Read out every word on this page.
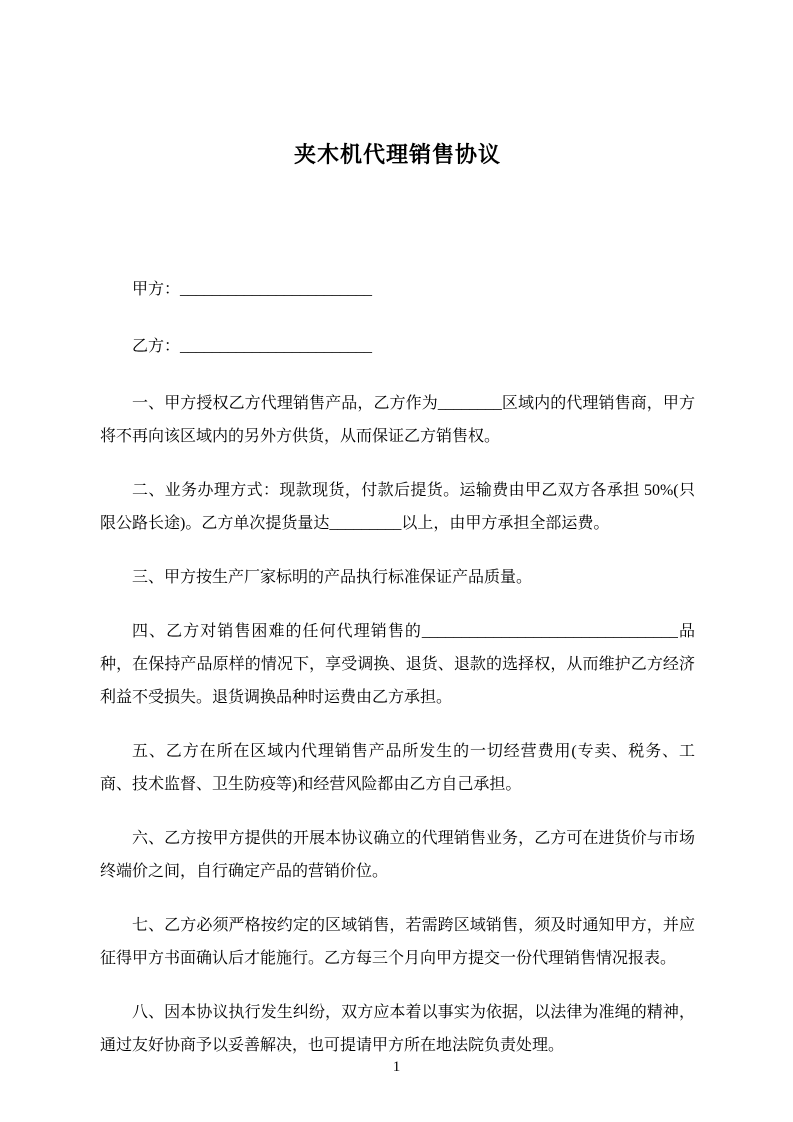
夹木机代理销售协议

甲方：________________________

乙方：________________________

一、甲方授权乙方代理销售产品，乙方作为________区域内的代理销售商，甲方将不再向该区域内的另外方供货，从而保证乙方销售权。

二、业务办理方式：现款现货，付款后提货。运输费由甲乙双方各承担 50%(只限公路长途)。乙方单次提货量达_________以上，由甲方承担全部运费。

三、甲方按生产厂家标明的产品执行标准保证产品质量。

四、乙方对销售困难的任何代理销售的________________________________品种，在保持产品原样的情况下，享受调换、退货、退款的选择权，从而维护乙方经济利益不受损失。退货调换品种时运费由乙方承担。

五、乙方在所在区域内代理销售产品所发生的一切经营费用(专卖、税务、工商、技术监督、卫生防疫等)和经营风险都由乙方自己承担。

六、乙方按甲方提供的开展本协议确立的代理销售业务，乙方可在进货价与市场终端价之间，自行确定产品的营销价位。

七、乙方必须严格按约定的区域销售，若需跨区域销售，须及时通知甲方，并应征得甲方书面确认后才能施行。乙方每三个月向甲方提交一份代理销售情况报表。

八、因本协议执行发生纠纷，双方应本着以事实为依据，以法律为准绳的精神，通过友好协商予以妥善解决，也可提请甲方所在地法院负责处理。

1
